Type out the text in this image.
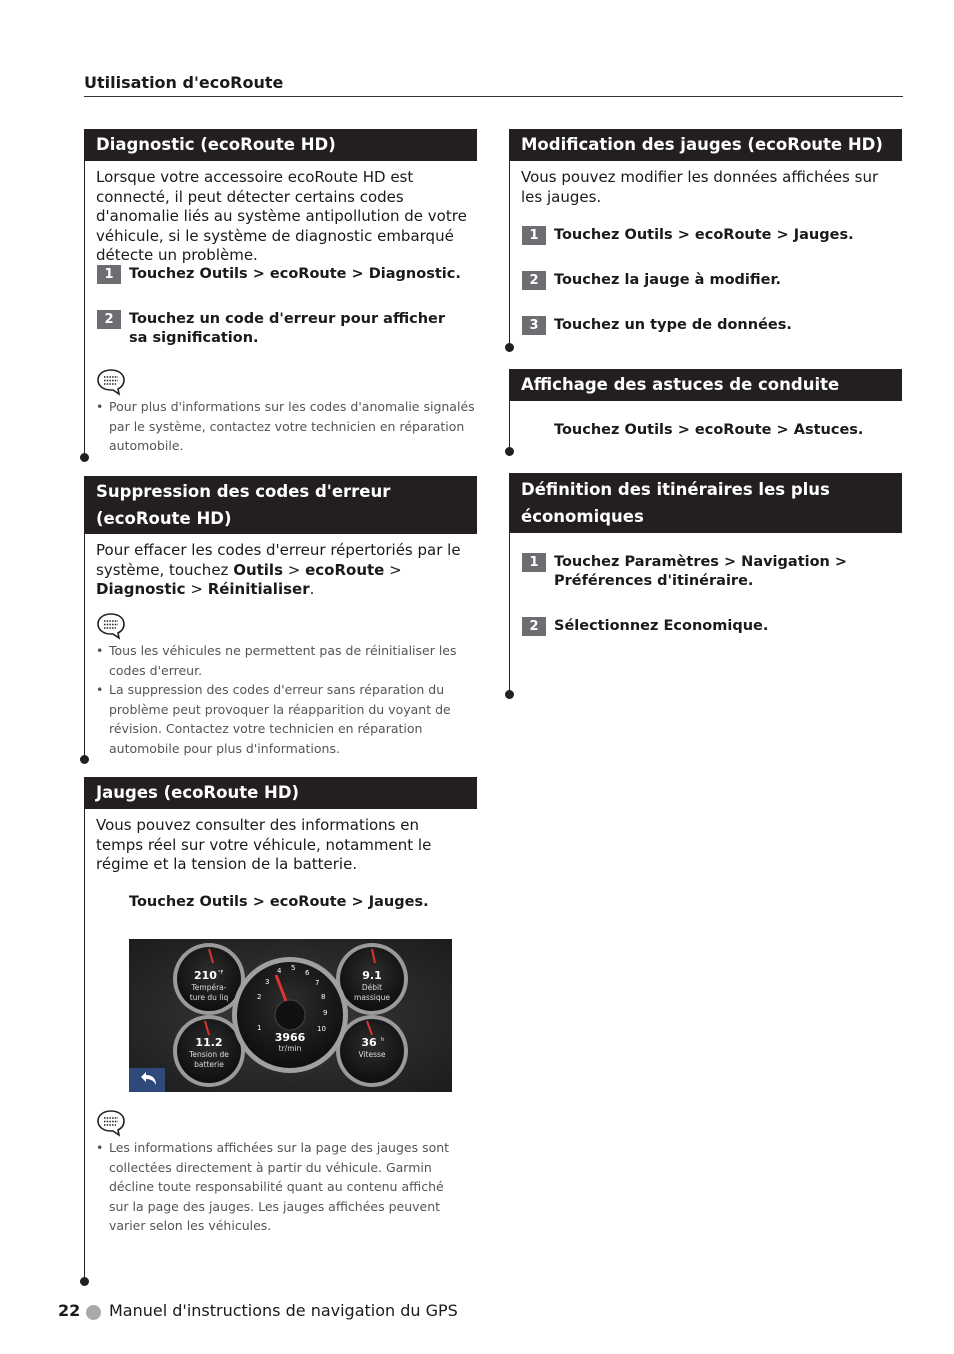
Utilisation d'ecoRoute
Diagnostic (ecoRoute HD)
Lorsque votre accessoire ecoRoute HD est connecté, il peut détecter certains codes d'anomalie liés au système antipollution de votre véhicule, si le système de diagnostic embarqué détecte un problème.
1	Touchez Outils > ecoRoute > Diagnostic.
2	Touchez un code d'erreur pour afficher sa signification.
• Pour plus d'informations sur les codes d'anomalie signalés par le système, contactez votre technicien en réparation automobile.
Suppression des codes d'erreur
(ecoRoute HD)
Pour effacer les codes d'erreur répertoriés par le système, touchez Outils > ecoRoute > Diagnostic > Réinitialiser.
• Tous les véhicules ne permettent pas de réinitialiser les codes d'erreur.
• La suppression des codes d'erreur sans réparation du problème peut provoquer la réapparition du voyant de révision. Contactez votre technicien en réparation automobile pour plus d'informations.
Jauges (ecoRoute HD)
Vous pouvez consulter des informations en temps réel sur votre véhicule, notamment le régime et la tension de la batterie.
Touchez Outils > ecoRoute > Jauges.
1
2
3
4 5
6
7
8
9
10
210 °F
Tempéra-
ture du liq
9.1
Débit
massique
3966
tr/min
11.2
Tension de
batterie
36 h
Vitesse
• Les informations affichées sur la page des jauges sont collectées directement à partir du véhicule. Garmin décline toute responsabilité quant au contenu affiché sur la page des jauges. Les jauges affichées peuvent varier selon les véhicules.
Modification des jauges (ecoRoute HD)
Vous pouvez modifier les données affichées sur les jauges.
1	Touchez Outils > ecoRoute > Jauges.
2	Touchez la jauge à modifier.
3	Touchez un type de données.
Affichage des astuces de conduite
Touchez Outils > ecoRoute > Astuces.
Définition des itinéraires les plus
économiques
1	Touchez Paramètres > Navigation >
Préférences d'itinéraire.
2	Sélectionnez Economique.
22 Manuel d'instructions de navigation du GPS
